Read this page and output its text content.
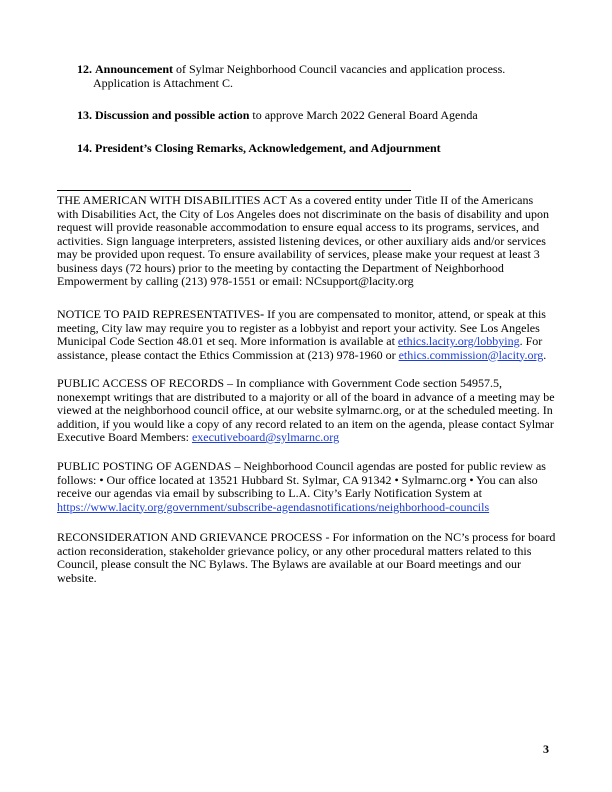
12. Announcement of Sylmar Neighborhood Council vacancies and application process.
Application is Attachment C.
13. Discussion and possible action to approve March 2022 General Board Agenda
14. President’s Closing Remarks, Acknowledgement, and Adjournment
THE AMERICAN WITH DISABILITIES ACT As a covered entity under Title II of the Americans with Disabilities Act, the City of Los Angeles does not discriminate on the basis of disability and upon request will provide reasonable accommodation to ensure equal access to its programs, services, and activities. Sign language interpreters, assisted listening devices, or other auxiliary aids and/or services may be provided upon request. To ensure availability of services, please make your request at least 3 business days (72 hours) prior to the meeting by contacting the Department of Neighborhood Empowerment by calling (213) 978-1551 or email: NCsupport@lacity.org
NOTICE TO PAID REPRESENTATIVES- If you are compensated to monitor, attend, or speak at this meeting, City law may require you to register as a lobbyist and report your activity. See Los Angeles Municipal Code Section 48.01 et seq. More information is available at ethics.lacity.org/lobbying. For assistance, please contact the Ethics Commission at (213) 978-1960 or ethics.commission@lacity.org.
PUBLIC ACCESS OF RECORDS – In compliance with Government Code section 54957.5, nonexempt writings that are distributed to a majority or all of the board in advance of a meeting may be viewed at the neighborhood council office, at our website sylmarnc.org, or at the scheduled meeting. In addition, if you would like a copy of any record related to an item on the agenda, please contact Sylmar Executive Board Members: executiveboard@sylmarnc.org
PUBLIC POSTING OF AGENDAS – Neighborhood Council agendas are posted for public review as follows: • Our office located at 13521 Hubbard St. Sylmar, CA 91342 • Sylmarnc.org • You can also receive our agendas via email by subscribing to L.A. City’s Early Notification System at https://www.lacity.org/government/subscribe-agendasnotifications/neighborhood-councils
RECONSIDERATION AND GRIEVANCE PROCESS - For information on the NC’s process for board action reconsideration, stakeholder grievance policy, or any other procedural matters related to this Council, please consult the NC Bylaws. The Bylaws are available at our Board meetings and our website.
3
